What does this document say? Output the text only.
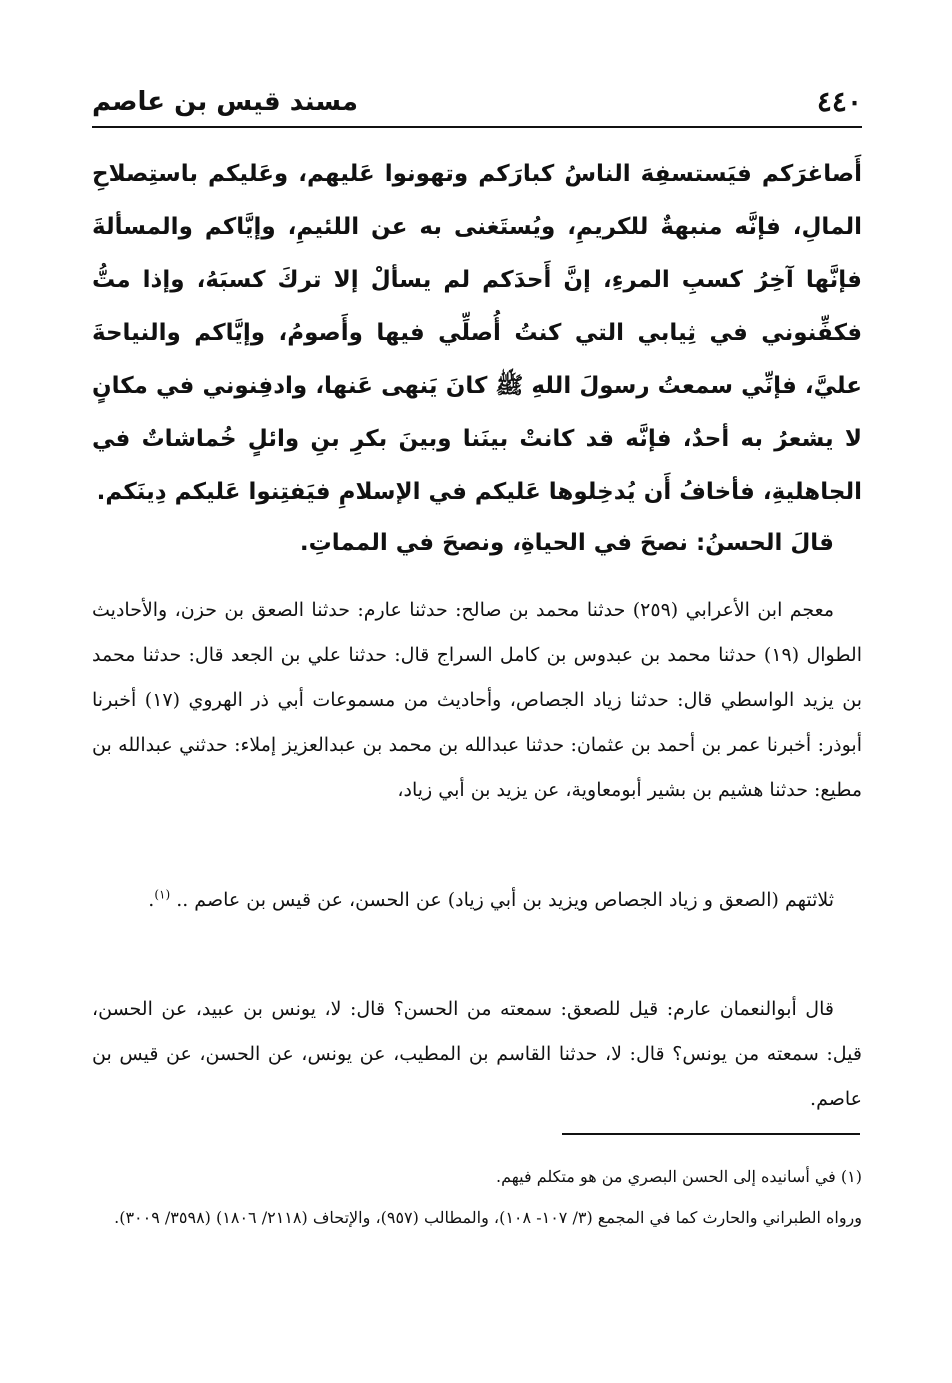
٤٤٠
مسند قيس بن عاصم

أَصاغرَكم فيَستسفِهَ الناسُ كبارَكم وتهونوا عَليهم، وعَليكم باستِصلاحِ المالِ، فإنَّه منبهةٌ للكريمِ، ويُستَغنى به عن اللئيمِ، وإيَّاكم والمسألةَ فإنَّها آخِرُ كسبِ المرءِ، إنَّ أَحدَكم لم يسألْ إلا تركَ كسبَهُ، وإذا متُّ فكفِّنوني في ثِيابي التي كنتُ أُصلِّي فيها وأَصومُ، وإيَّاكم والنياحةَ عليَّ، فإنِّي سمعتُ رسولَ اللهِ ﷺ كانَ يَنهى عَنها، وادفِنوني في مكانٍ لا يشعرُ به أحدٌ، فإنَّه قد كانتْ بينَنا وبينَ بكرِ بنِ وائلٍ خُماشاتٌ في الجاهليةِ، فأخافُ أَن يُدخِلوها عَليكم في الإسلامِ فيَفتِنوا عَليكم دِينَكم.

قالَ الحسنُ: نصحَ في الحياةِ، ونصحَ في المماتِ.

معجم ابن الأعرابي (٢٥٩) حدثنا محمد بن صالح: حدثنا عارم: حدثنا الصعق بن حزن، والأحاديث الطوال (١٩) حدثنا محمد بن عبدوس بن كامل السراج قال: حدثنا علي بن الجعد قال: حدثنا محمد بن يزيد الواسطي قال: حدثنا زياد الجصاص، وأحاديث من مسموعات أبي ذر الهروي (١٧) أخبرنا أبوذر: أخبرنا عمر بن أحمد بن عثمان: حدثنا عبدالله بن محمد بن عبدالعزيز إملاء: حدثني عبدالله بن مطيع: حدثنا هشيم بن بشير أبومعاوية، عن يزيد بن أبي زياد،

ثلاثتهم (الصعق و زياد الجصاص ويزيد بن أبي زياد) عن الحسن، عن قيس بن عاصم .. $^{(١)}$.

قال أبوالنعمان عارم: قيل للصعق: سمعته من الحسن؟ قال: لا، يونس بن عبيد، عن الحسن، قيل: سمعته من يونس؟ قال: لا، حدثنا القاسم بن المطيب، عن يونس، عن الحسن، عن قيس بن عاصم.

(١) في أسانيده إلى الحسن البصري من هو متكلم فيهم.

ورواه الطبراني والحارث كما في المجمع (٣/ ١٠٧- ١٠٨)، والمطالب (٩٥٧)، والإتحاف (٢١١٨/ ١٨٠٦) (٣٥٩٨/ ٣٠٠٩).
